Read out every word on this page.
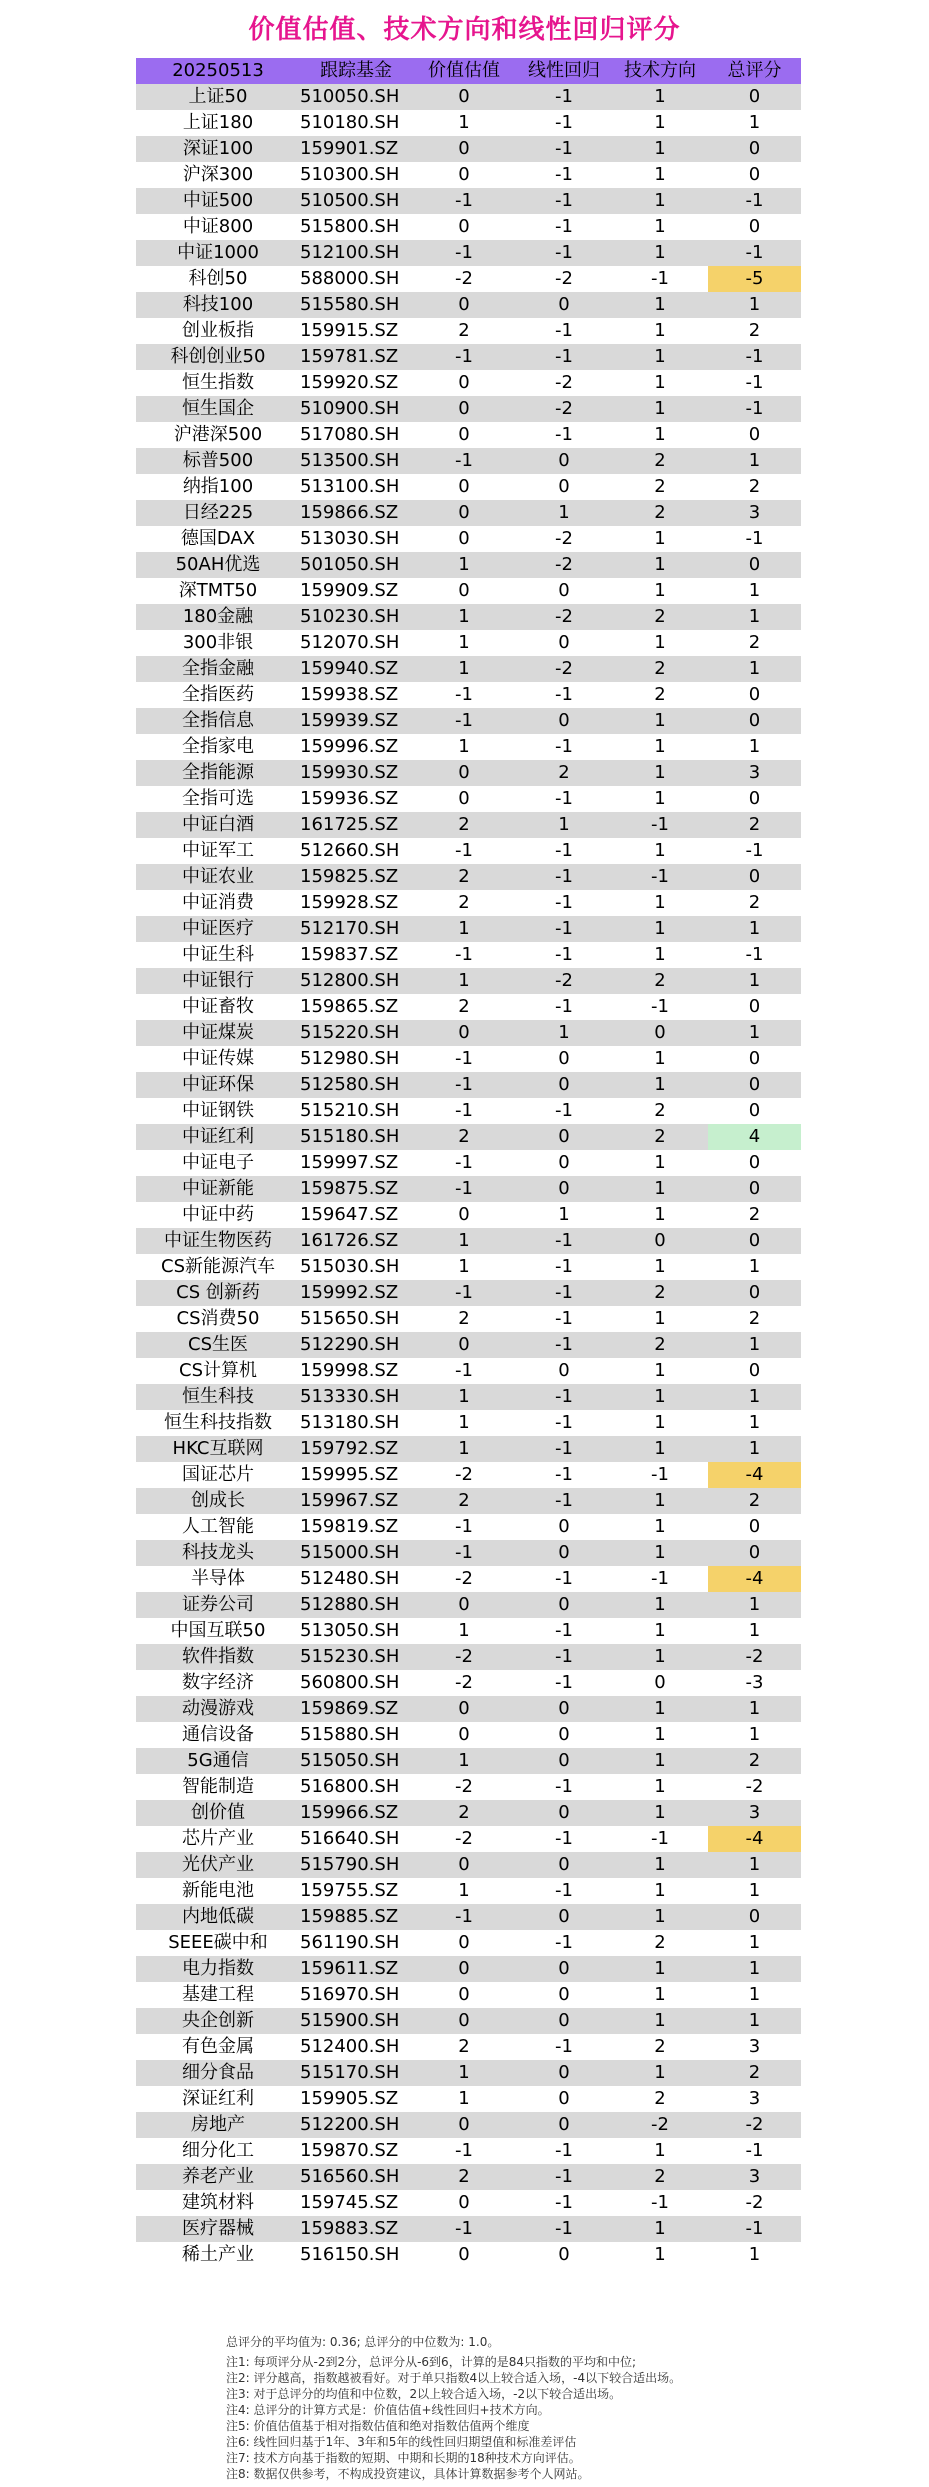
价值估值、技术方向和线性回归评分
20250513	跟踪基金	价值估值	线性回归	技术方向	总评分
上证50	510050.SH	0	-1	1	0
上证180	510180.SH	1	-1	1	1
深证100	159901.SZ	0	-1	1	0
沪深300	510300.SH	0	-1	1	0
中证500	510500.SH	-1	-1	1	-1
中证800	515800.SH	0	-1	1	0
中证1000	512100.SH	-1	-1	1	-1
科创50	588000.SH	-2	-2	-1	-5
科技100	515580.SH	0	0	1	1
创业板指	159915.SZ	2	-1	1	2
科创创业50	159781.SZ	-1	-1	1	-1
恒生指数	159920.SZ	0	-2	1	-1
恒生国企	510900.SH	0	-2	1	-1
沪港深500	517080.SH	0	-1	1	0
标普500	513500.SH	-1	0	2	1
纳指100	513100.SH	0	0	2	2
日经225	159866.SZ	0	1	2	3
德国DAX	513030.SH	0	-2	1	-1
50AH优选	501050.SH	1	-2	1	0
深TMT50	159909.SZ	0	0	1	1
180金融	510230.SH	1	-2	2	1
300非银	512070.SH	1	0	1	2
全指金融	159940.SZ	1	-2	2	1
全指医药	159938.SZ	-1	-1	2	0
全指信息	159939.SZ	-1	0	1	0
全指家电	159996.SZ	1	-1	1	1
全指能源	159930.SZ	0	2	1	3
全指可选	159936.SZ	0	-1	1	0
中证白酒	161725.SZ	2	1	-1	2
中证军工	512660.SH	-1	-1	1	-1
中证农业	159825.SZ	2	-1	-1	0
中证消费	159928.SZ	2	-1	1	2
中证医疗	512170.SH	1	-1	1	1
中证生科	159837.SZ	-1	-1	1	-1
中证银行	512800.SH	1	-2	2	1
中证畜牧	159865.SZ	2	-1	-1	0
中证煤炭	515220.SH	0	1	0	1
中证传媒	512980.SH	-1	0	1	0
中证环保	512580.SH	-1	0	1	0
中证钢铁	515210.SH	-1	-1	2	0
中证红利	515180.SH	2	0	2	4
中证电子	159997.SZ	-1	0	1	0
中证新能	159875.SZ	-1	0	1	0
中证中药	159647.SZ	0	1	1	2
中证生物医药	161726.SZ	1	-1	0	0
CS新能源汽车	515030.SH	1	-1	1	1
CS 创新药	159992.SZ	-1	-1	2	0
CS消费50	515650.SH	2	-1	1	2
CS生医	512290.SH	0	-1	2	1
CS计算机	159998.SZ	-1	0	1	0
恒生科技	513330.SH	1	-1	1	1
恒生科技指数	513180.SH	1	-1	1	1
HKC互联网	159792.SZ	1	-1	1	1
国证芯片	159995.SZ	-2	-1	-1	-4
创成长	159967.SZ	2	-1	1	2
人工智能	159819.SZ	-1	0	1	0
科技龙头	515000.SH	-1	0	1	0
半导体	512480.SH	-2	-1	-1	-4
证券公司	512880.SH	0	0	1	1
中国互联50	513050.SH	1	-1	1	1
软件指数	515230.SH	-2	-1	1	-2
数字经济	560800.SH	-2	-1	0	-3
动漫游戏	159869.SZ	0	0	1	1
通信设备	515880.SH	0	0	1	1
5G通信	515050.SH	1	0	1	2
智能制造	516800.SH	-2	-1	1	-2
创价值	159966.SZ	2	0	1	3
芯片产业	516640.SH	-2	-1	-1	-4
光伏产业	515790.SH	0	0	1	1
新能电池	159755.SZ	1	-1	1	1
内地低碳	159885.SZ	-1	0	1	0
SEEE碳中和	561190.SH	0	-1	2	1
电力指数	159611.SZ	0	0	1	1
基建工程	516970.SH	0	0	1	1
央企创新	515900.SH	0	0	1	1
有色金属	512400.SH	2	-1	2	3
细分食品	515170.SH	1	0	1	2
深证红利	159905.SZ	1	0	2	3
房地产	512200.SH	0	0	-2	-2
细分化工	159870.SZ	-1	-1	1	-1
养老产业	516560.SH	2	-1	2	3
建筑材料	159745.SZ	0	-1	-1	-2
医疗器械	159883.SZ	-1	-1	1	-1
稀土产业	516150.SH	0	0	1	1
总评分的平均值为: 0.36; 总评分的中位数为: 1.0。
注1: 每项评分从-2到2分，总评分从-6到6，计算的是84只指数的平均和中位;
注2: 评分越高，指数越被看好。对于单只指数4以上较合适入场，-4以下较合适出场。
注3: 对于总评分的均值和中位数，2以上较合适入场，-2以下较合适出场。
注4: 总评分的计算方式是：价值估值+线性回归+技术方向。
注5: 价值估值基于相对指数估值和绝对指数估值两个维度
注6: 线性回归基于1年、3年和5年的线性回归期望值和标准差评估
注7: 技术方向基于指数的短期、中期和长期的18种技术方向评估。
注8: 数据仅供参考，不构成投资建议，具体计算数据参考个人网站。
